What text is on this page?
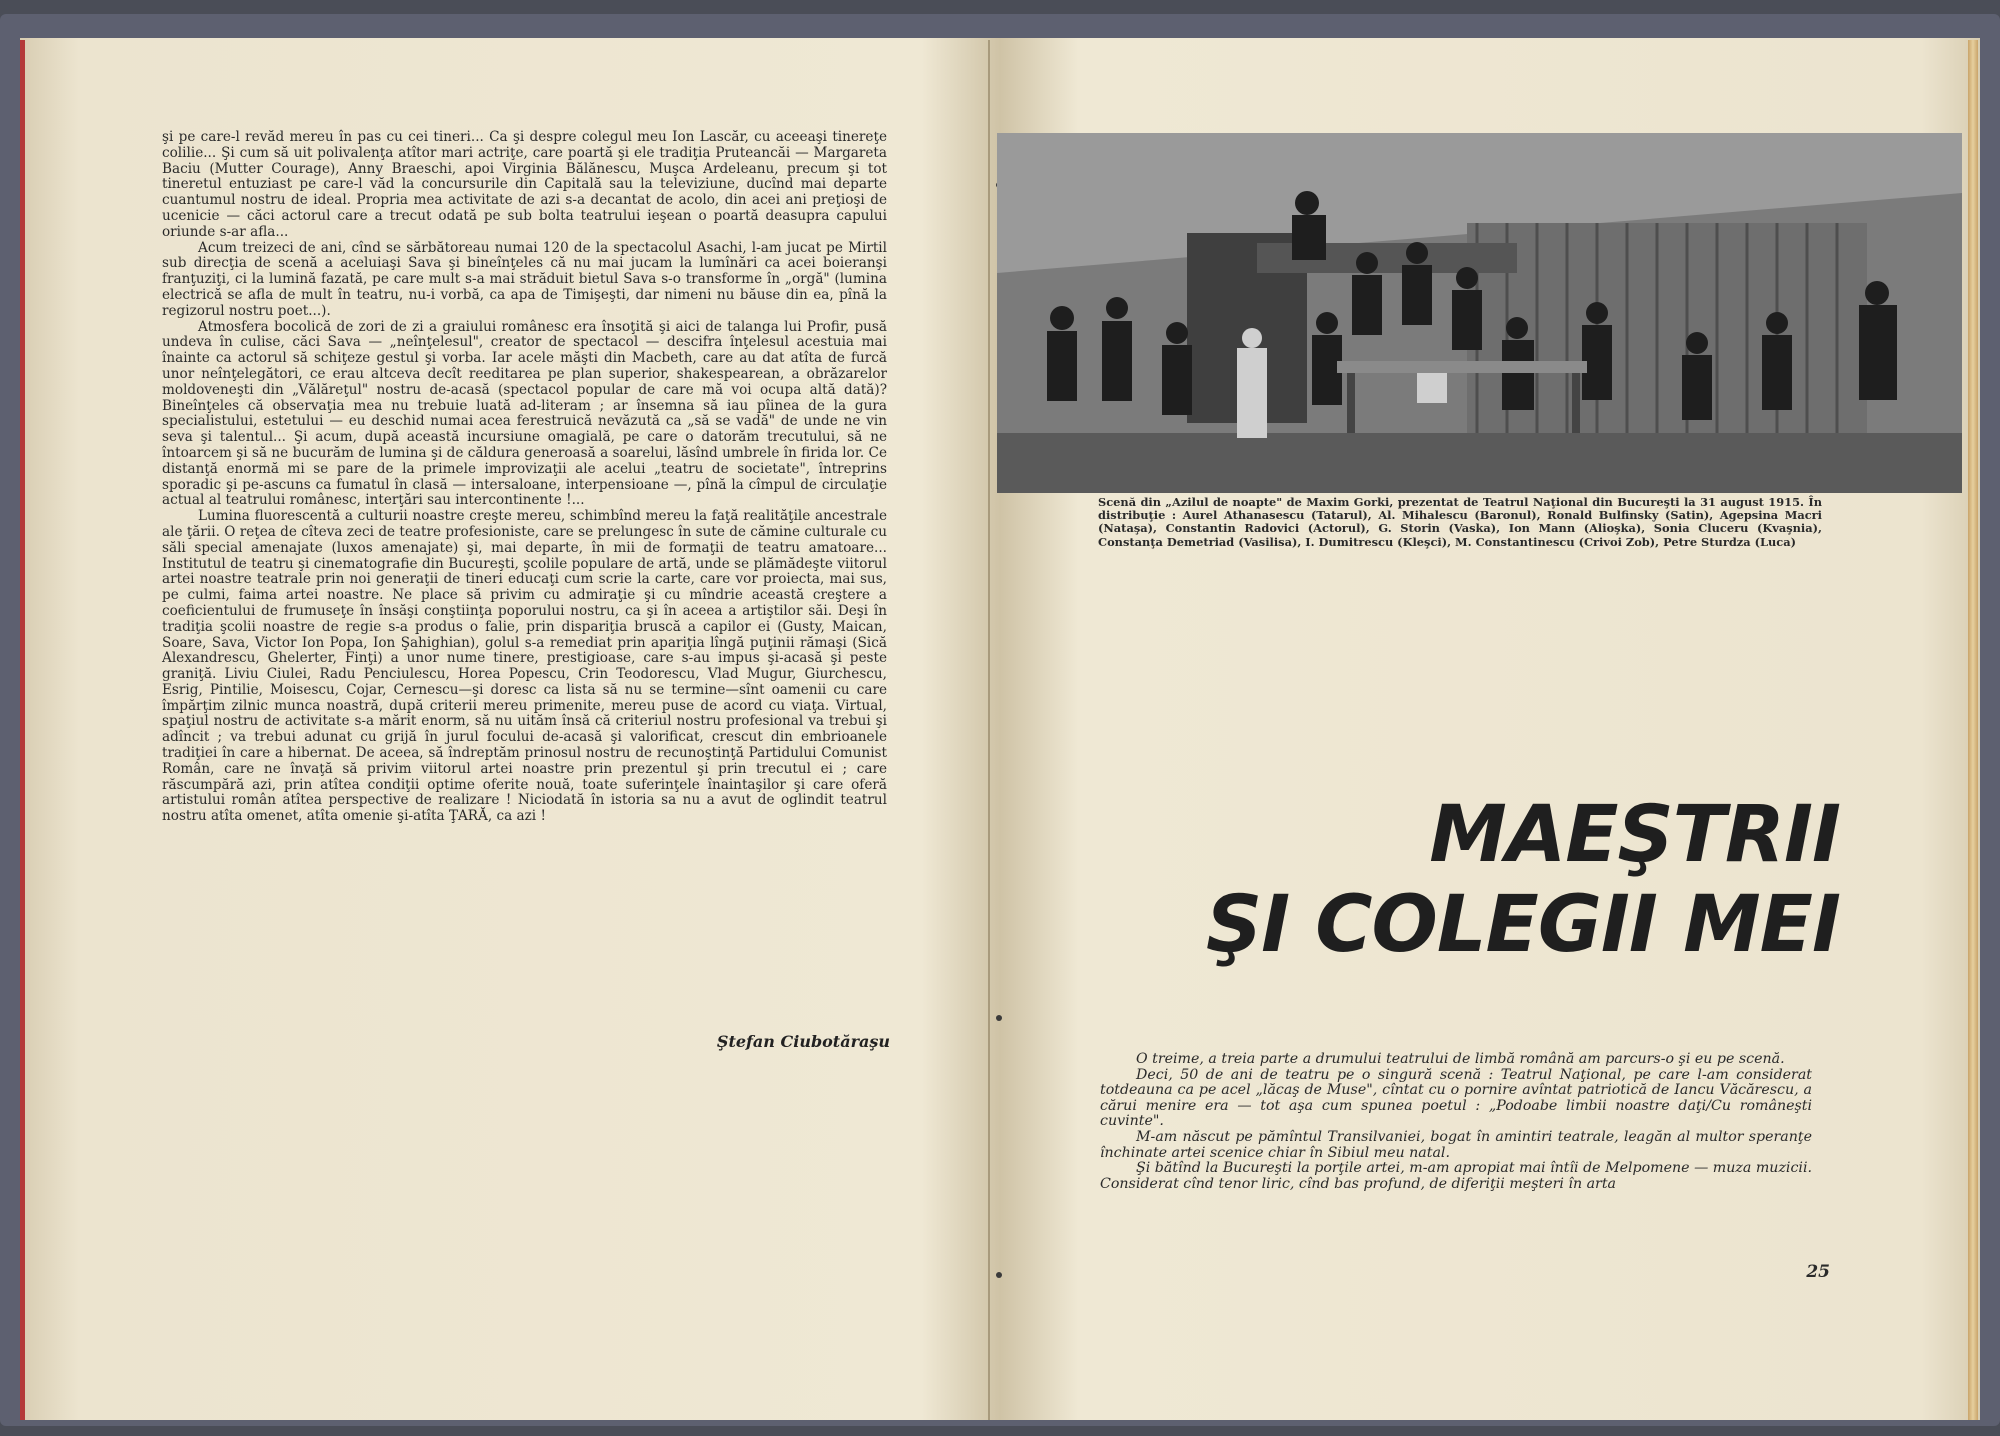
şi pe care-l revăd mereu în pas cu cei tineri... Ca şi despre colegul meu Ion Lascăr, cu aceeaşi tinereţe colilie... Şi cum să uit polivalenţa atîtor mari actriţe, care poartă şi ele tradiţia Pruteancăi — Margareta Baciu (Mutter Courage), Anny Braeschi, apoi Virginia Bălănescu, Muşca Ardeleanu, precum şi tot tineretul entuziast pe care-l văd la concursurile din Capitală sau la televiziune, ducînd mai departe cuantumul nostru de ideal. Propria mea activitate de azi s-a decantat de acolo, din acei ani preţioşi de ucenicie — căci actorul care a trecut odată pe sub bolta teatrului ieşean o poartă deasupra capului oriunde s-ar afla...

Acum treizeci de ani, cînd se sărbătoreau numai 120 de la spectacolul Asachi, l-am jucat pe Mirtil sub direcţia de scenă a aceluiaşi Sava şi bineînţeles că nu mai jucam la lumînări ca acei boieranşi franţuziţi, ci la lumină fazată, pe care mult s-a mai străduit bietul Sava s-o transforme în „orgă" (lumina electrică se afla de mult în teatru, nu-i vorbă, ca apa de Timişeşti, dar nimeni nu băuse din ea, pînă la regizorul nostru poet...).

Atmosfera bocolică de zori de zi a graiului românesc era însoţită şi aici de talanga lui Profir, pusă undeva în culise, căci Sava — „neînţelesul", creator de spectacol — descifra înţelesul acestuia mai înainte ca actorul să schiţeze gestul şi vorba. Iar acele măşti din Macbeth, care au dat atîta de furcă unor neînţelegători, ce erau altceva decît reeditarea pe plan superior, shakespearean, a obrăzarelor moldoveneşti din „Vălăreţul" nostru de-acasă (spectacol popular de care mă voi ocupa altă dată)? Bineînţeles că observaţia mea nu trebuie luată ad-literam ; ar însemna să iau pîinea de la gura specialistului, estetului — eu deschid numai acea ferestruică nevăzută ca „să se vadă" de unde ne vin seva şi talentul... Şi acum, după această incursiune omagială, pe care o datorăm trecutului, să ne întoarcem şi să ne bucurăm de lumina şi de căldura generoasă a soarelui, lăsînd umbrele în firida lor. Ce distanţă enormă mi se pare de la primele improvizaţii ale acelui „teatru de societate", întreprins sporadic şi pe-ascuns ca fumatul în clasă — intersaloane, interpensioane —, pînă la cîmpul de circulaţie actual al teatrului românesc, interţări sau intercontinente !...

Lumina fluorescentă a culturii noastre creşte mereu, schimbînd mereu la faţă realităţile ancestrale ale ţării. O reţea de cîteva zeci de teatre profesioniste, care se prelungesc în sute de cămine culturale cu săli special amenajate (luxos amenajate) şi, mai departe, în mii de formaţii de teatru amatoare... Institutul de teatru şi cinematografie din Bucureşti, şcolile populare de artă, unde se plămădeşte viitorul artei noastre teatrale prin noi generaţii de tineri educaţi cum scrie la carte, care vor proiecta, mai sus, pe culmi, faima artei noastre. Ne place să privim cu admiraţie şi cu mîndrie această creştere a coeficientului de frumuseţe în însăşi conştiinţa poporului nostru, ca şi în aceea a artiştilor săi. Deşi în tradiţia şcolii noastre de regie s-a produs o falie, prin dispariţia bruscă a capilor ei (Gusty, Maican, Soare, Sava, Victor Ion Popa, Ion Şahighian), golul s-a remediat prin apariţia lîngă puţinii rămaşi (Sică Alexandrescu, Ghelerter, Finţi) a unor nume tinere, prestigioase, care s-au impus şi-acasă şi peste graniţă. Liviu Ciulei, Radu Penciulescu, Horea Popescu, Crin Teodorescu, Vlad Mugur, Giurchescu, Esrig, Pintilie, Moisescu, Cojar, Cernescu—şi doresc ca lista să nu se termine—sînt oamenii cu care împărţim zilnic munca noastră, după criterii mereu primenite, mereu puse de acord cu viaţa. Virtual, spaţiul nostru de activitate s-a mărit enorm, să nu uităm însă că criteriul nostru profesional va trebui şi adîncit ; va trebui adunat cu grijă în jurul focului de-acasă şi valorificat, crescut din embrioanele tradiţiei în care a hibernat. De aceea, să îndreptăm prinosul nostru de recunoştinţă Partidului Comunist Român, care ne învaţă să privim viitorul artei noastre prin prezentul şi prin trecutul ei ; care răscumpără azi, prin atîtea condiţii optime oferite nouă, toate suferinţele înaintaşilor şi care oferă artistului român atîtea perspective de realizare ! Niciodată în istoria sa nu a avut de oglindit teatrul nostru atîta omenet, atîta omenie şi-atîta ŢARĂ, ca azi !

Ştefan Ciubotăraşu
Scenă din „Azilul de noapte" de Maxim Gorki, prezentat de Teatrul Naţional din Bucureşti la 31 august 1915. În distribuţie : Aurel Athanasescu (Tatarul), Al. Mihalescu (Baronul), Ronald Bulfinsky (Satin), Agepsina Macri (Nataşa), Constantin Radovici (Actorul), G. Storin (Vaska), Ion Mann (Alioşka), Sonia Cluceru (Kvaşnia), Constanţa Demetriad (Vasilisa), I. Dumitrescu (Kleşci), M. Constantinescu (Crivoi Zob), Petre Sturdza (Luca)
MAEŞTRII
ŞI COLEGII MEI

O treime, a treia parte a drumului teatrului de limbă română am parcurs-o şi eu pe scenă.

Deci, 50 de ani de teatru pe o singură scenă : Teatrul Naţional, pe care l-am considerat totdeauna ca pe acel „lăcaş de Muse", cîntat cu o pornire avîntat patriotică de Iancu Văcărescu, a cărui menire era — tot aşa cum spunea poetul : „Podoabe limbii noastre daţi/Cu româneşti cuvinte".

M-am născut pe pămîntul Transilvaniei, bogat în amintiri teatrale, leagăn al multor speranţe închinate artei scenice chiar în Sibiul meu natal.

Şi bătînd la Bucureşti la porţile artei, m-am apropiat mai întîi de Melpomene — muza muzicii. Considerat cînd tenor liric, cînd bas profund, de diferiţii meşteri în arta

25
